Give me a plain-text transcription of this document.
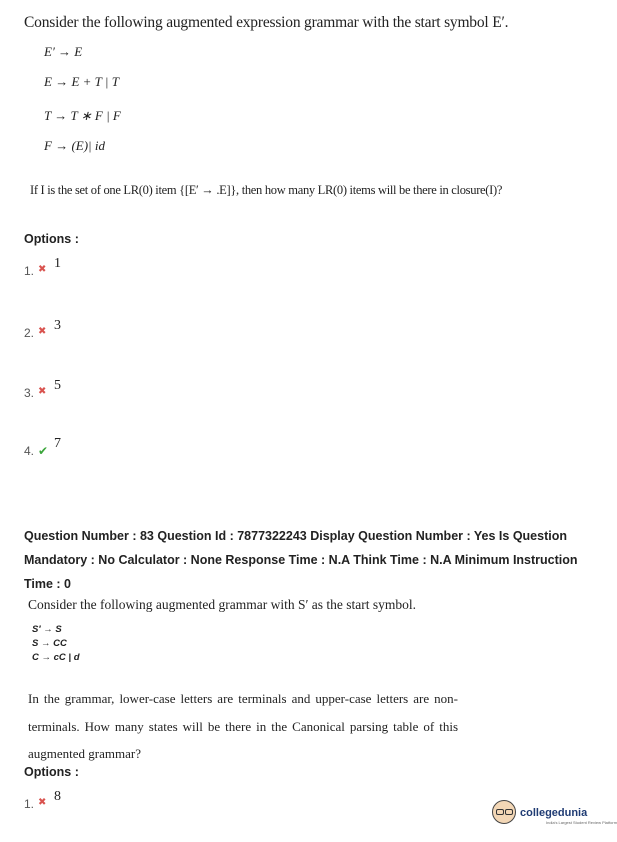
Consider the following augmented expression grammar with the start symbol E′.
E′ → E
E → E + T | T
T → T ∗ F | F
F → (E)| id
If I is the set of one LR(0) item {[E′ → .E]}, then how many LR(0) items will be there in closure(I)?
Options :
1. ✖ 1
2. ✖ 3
3. ✖ 5
4. ✔ 7
Question Number : 83 Question Id : 7877322243 Display Question Number : Yes Is Question Mandatory : No Calculator : None Response Time : N.A Think Time : N.A Minimum Instruction Time : 0
Consider the following augmented grammar with S′ as the start symbol.
S′ → S
S → CC
C → cC | d
In the grammar, lower-case letters are terminals and upper-case letters are non-terminals. How many states will be there in the Canonical parsing table of this augmented grammar?
Options :
1. ✖ 8
collegedunia
India's Largest Student Review Platform
